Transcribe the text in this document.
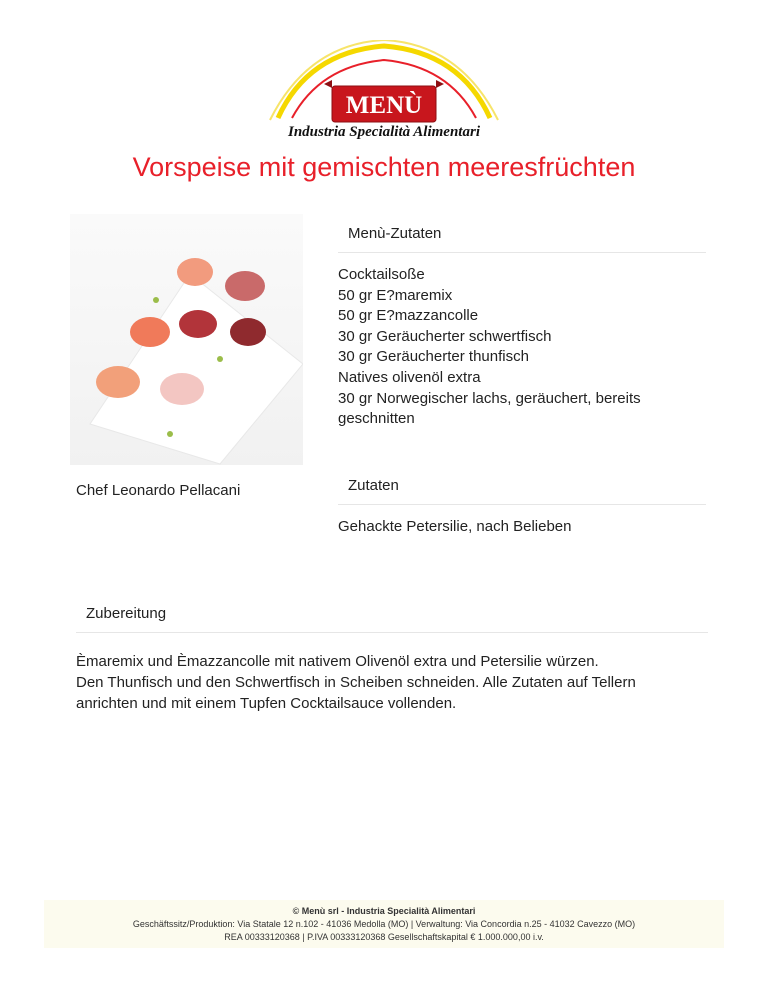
MENÙ
Industria Specialità Alimentari
Vorspeise mit gemischten meeresfrüchten
Chef Leonardo Pellacani
Menù-Zutaten
Cocktailsoße
50 gr E?maremix
50 gr E?mazzancolle
30 gr Geräucherter schwertfisch
30 gr Geräucherter thunfisch
Natives olivenöl extra
30 gr Norwegischer lachs, geräuchert, bereits geschnitten
Zutaten
Gehackte Petersilie, nach Belieben
Zubereitung

Èmaremix und Èmazzancolle mit nativem Olivenöl extra und Petersilie würzen.

Den Thunfisch und den Schwertfisch in Scheiben schneiden. Alle Zutaten auf Tellern anrichten und mit einem Tupfen Cocktailsauce vollenden.

© Menù srl - Industria Specialità Alimentari
Geschäftssitz/Produktion: Via Statale 12 n.102 - 41036 Medolla (MO) | Verwaltung: Via Concordia n.25 - 41032 Cavezzo (MO)
REA 00333120368 | P.IVA 00333120368 Gesellschaftskapital € 1.000.000,00 i.v.
